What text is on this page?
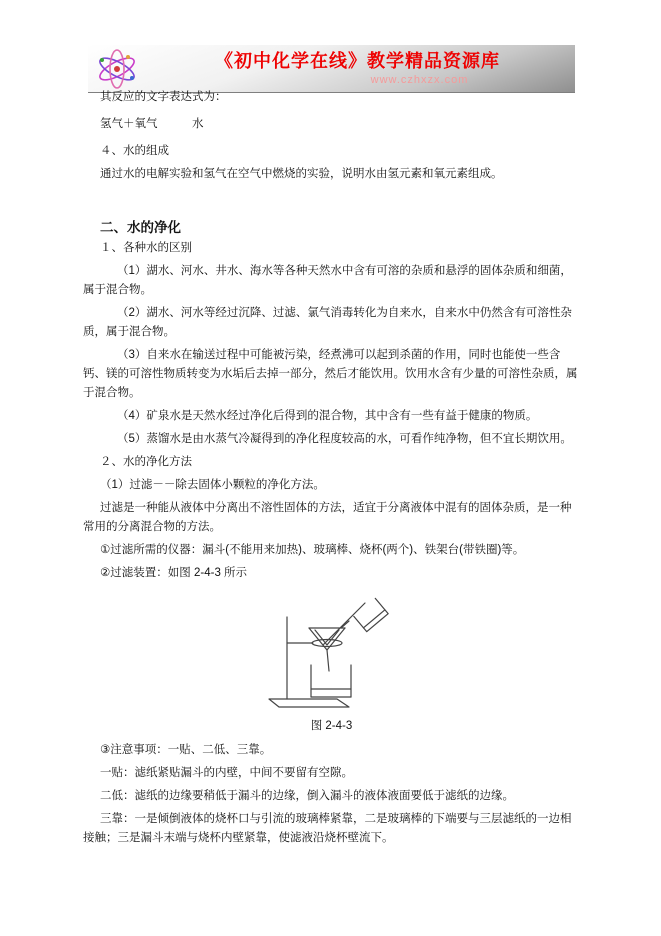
《初中化学在线》教学精品资源库
www.czhxzx.com

其反应的文字表达式为：

氢气＋氧气　　　水

４、水的组成

通过水的电解实验和氢气在空气中燃烧的实验，说明水由氢元素和氧元素组成。

二、水的净化

１、各种水的区别

（1）湖水、河水、井水、海水等各种天然水中含有可溶的杂质和悬浮的固体杂质和细菌，属于混合物。

（2）湖水、河水等经过沉降、过滤、氯气消毒转化为自来水，自来水中仍然含有可溶性杂质，属于混合物。

（3）自来水在输送过程中可能被污染，经煮沸可以起到杀菌的作用，同时也能使一些含钙、镁的可溶性物质转变为水垢后去掉一部分，然后才能饮用。饮用水含有少量的可溶性杂质，属于混合物。

（4）矿泉水是天然水经过净化后得到的混合物，其中含有一些有益于健康的物质。

（5）蒸馏水是由水蒸气冷凝得到的净化程度较高的水，可看作纯净物，但不宜长期饮用。

２、水的净化方法

（1）过滤－－除去固体小颗粒的净化方法。

过滤是一种能从液体中分离出不溶性固体的方法，适宜于分离液体中混有的固体杂质，是一种常用的分离混合物的方法。

①过滤所需的仪器：漏斗(不能用来加热)、玻璃棒、烧杯(两个)、铁架台(带铁圈)等。

②过滤装置：如图 2-4-3 所示

图 2-4-3

③注意事项：一贴、二低、三靠。

一贴：滤纸紧贴漏斗的内壁，中间不要留有空隙。

二低：滤纸的边缘要稍低于漏斗的边缘，倒入漏斗的液体液面要低于滤纸的边缘。

三靠：一是倾倒液体的烧杯口与引流的玻璃棒紧靠，二是玻璃棒的下端要与三层滤纸的一边相接触；三是漏斗末端与烧杯内壁紧靠，使滤液沿烧杯壁流下。
